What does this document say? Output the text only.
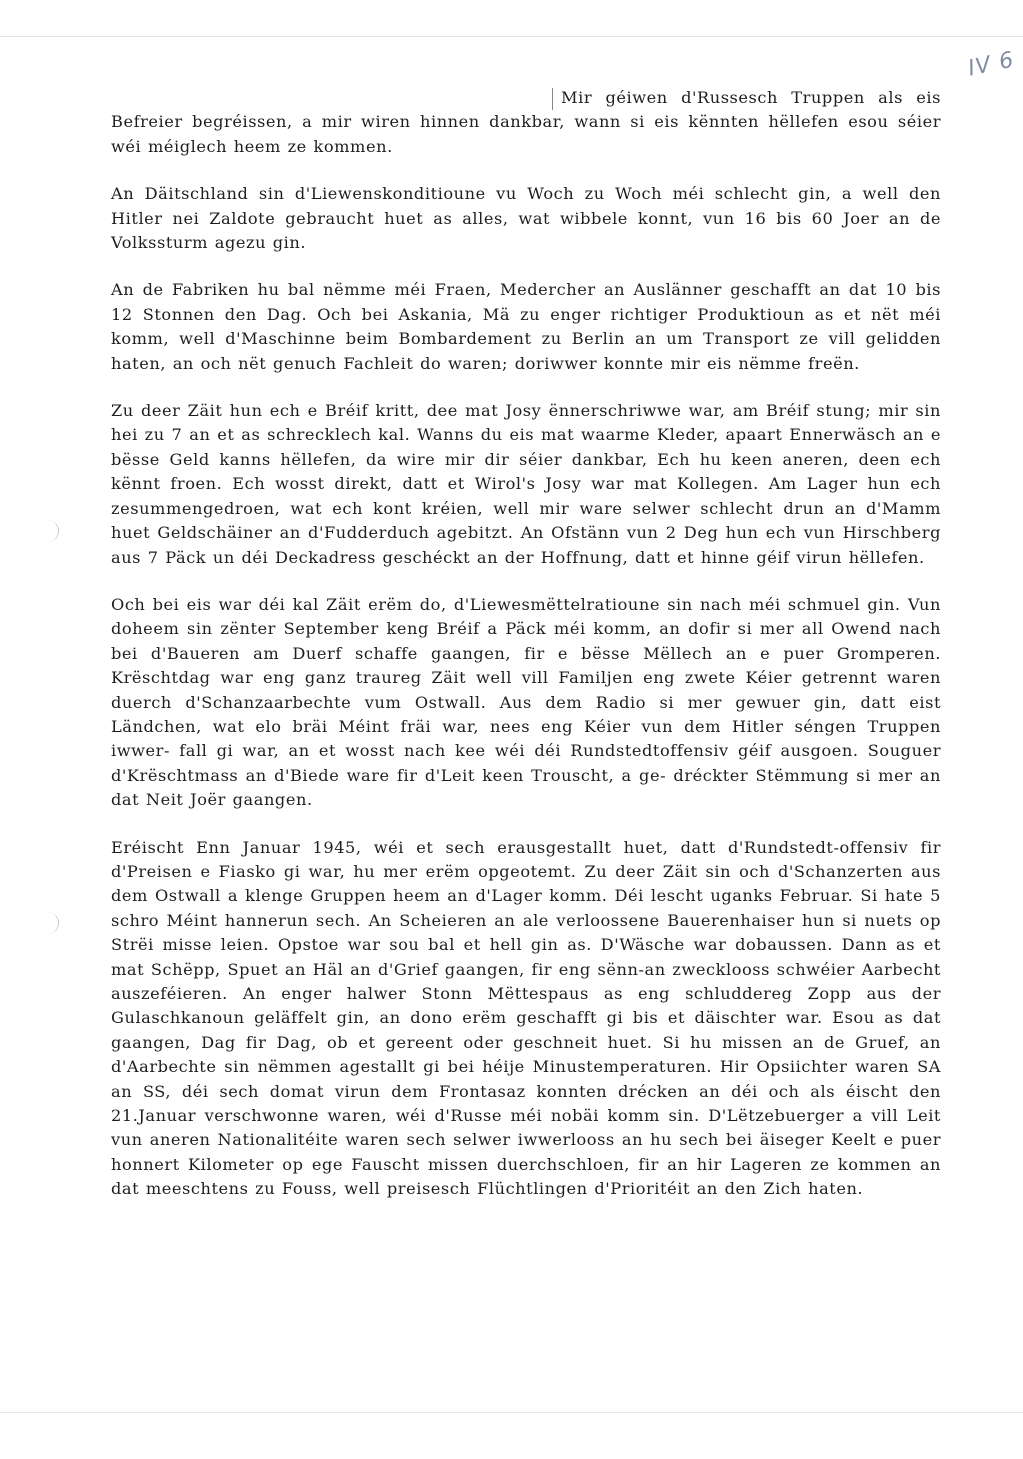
IV 6

Mir géiwen d'Russesch Truppen als eis Befreier begréissen, a mir wiren hinnen dankbar, wann si eis kënnten hëllefen esou séier wéi méiglech heem ze kommen.

An Däitschland sin d'Liewenskonditioune vu Woch zu Woch méi schlecht gin, a well den Hitler nei Zaldote gebraucht huet as alles, wat wibbele konnt, vun 16 bis 60 Joer an de Volkssturm agezu gin.

An de Fabriken hu bal nëmme méi Fraen, Medercher an Auslänner geschafft an dat 10 bis 12 Stonnen den Dag. Och bei Askania, Mä zu enger richtiger Produktioun as et nët méi komm, well d'Maschinne beim Bombardement zu Berlin an um Transport ze vill gelidden haten, an och nët genuch Fachleit do waren; doriwwer konnte mir eis nëmme freën.

Zu deer Zäit hun ech e Bréif kritt, dee mat Josy ënnerschriwwe war, am Bréif stung; mir sin hei zu 7 an et as schrecklech kal. Wanns du eis mat waarme Kleder, apaart Ennerwäsch an e bësse Geld kanns hëllefen, da wire mir dir séier dankbar, Ech hu keen aneren, deen ech kënnt froen. Ech wosst direkt, datt et Wirol's Josy war mat Kollegen. Am Lager hun ech zesummengedroen, wat ech kont kréien, well mir ware selwer schlecht drun an d'Mamm huet Geldschäiner an d'Fudderduch agebitzt. An Ofstänn vun 2 Deg hun ech vun Hirschberg aus 7 Päck un déi Deckadress geschéckt an der Hoffnung, datt et hinne géif virun hëllefen.

Och bei eis war déi kal Zäit erëm do, d'Liewesmëttelratioune sin nach méi schmuel gin. Vun doheem sin zënter September keng Bréif a Päck méi komm, an dofir si mer all Owend nach bei d'Baueren am Duerf schaffe gaangen, fir e bësse Mëllech an e puer Gromperen. Krëschtdag war eng ganz traureg Zäit well vill Familjen eng zwete Kéier getrennt waren duerch d'Schanzaarbechte vum Ostwall. Aus dem Radio si mer gewuer gin, datt eist Ländchen, wat elo bräi Méint fräi war, nees eng Kéier vun dem Hitler séngen Truppen iwwer- fall gi war, an et wosst nach kee wéi déi Rundstedtoffensiv géif ausgoen. Souguer d'Krëschtmass an d'Biede ware fir d'Leit keen Trouscht, a ge- dréckter Stëmmung si mer an dat Neit Joër gaangen.

Eréischt Enn Januar 1945, wéi et sech erausgestallt huet, datt d'Rundstedt-offensiv fir d'Preisen e Fiasko gi war, hu mer erëm opgeotemt. Zu deer Zäit sin och d'Schanzerten aus dem Ostwall a klenge Gruppen heem an d'Lager komm. Déi lescht uganks Februar. Si hate 5 schro Méint hannerun sech. An Scheieren an ale verloossene Bauerenhaiser hun si nuets op Strëi misse leien. Opstoe war sou bal et hell gin as. D'Wäsche war dobaussen. Dann as et mat Schëpp, Spuet an Häl an d'Grief gaangen, fir eng sënn-an zwecklooss schwéier Aarbecht auszeféieren. An enger halwer Stonn Mëttespaus as eng schluddereg Zopp aus der Gulaschkanoun geläffelt gin, an dono erëm geschafft gi bis et däischter war. Esou as dat gaangen, Dag fir Dag, ob et gereent oder geschneit huet. Si hu missen an de Gruef, an d'Aarbechte sin nëmmen agestallt gi bei héije Minustemperaturen. Hir Opsiichter waren SA an SS, déi sech domat virun dem Frontasaz konnten drécken an déi och als éischt den 21.Januar verschwonne waren, wéi d'Russe méi nobäi komm sin. D'Lëtzebuerger a vill Leit vun aneren Nationalitéite waren sech selwer iwwerlooss an hu sech bei äiseger Keelt e puer honnert Kilometer op ege Fauscht missen duerchschloen, fir an hir Lageren ze kommen an dat meeschtens zu Fouss, well preisesch Flüchtlingen d'Prioritéit an den Zich haten.
